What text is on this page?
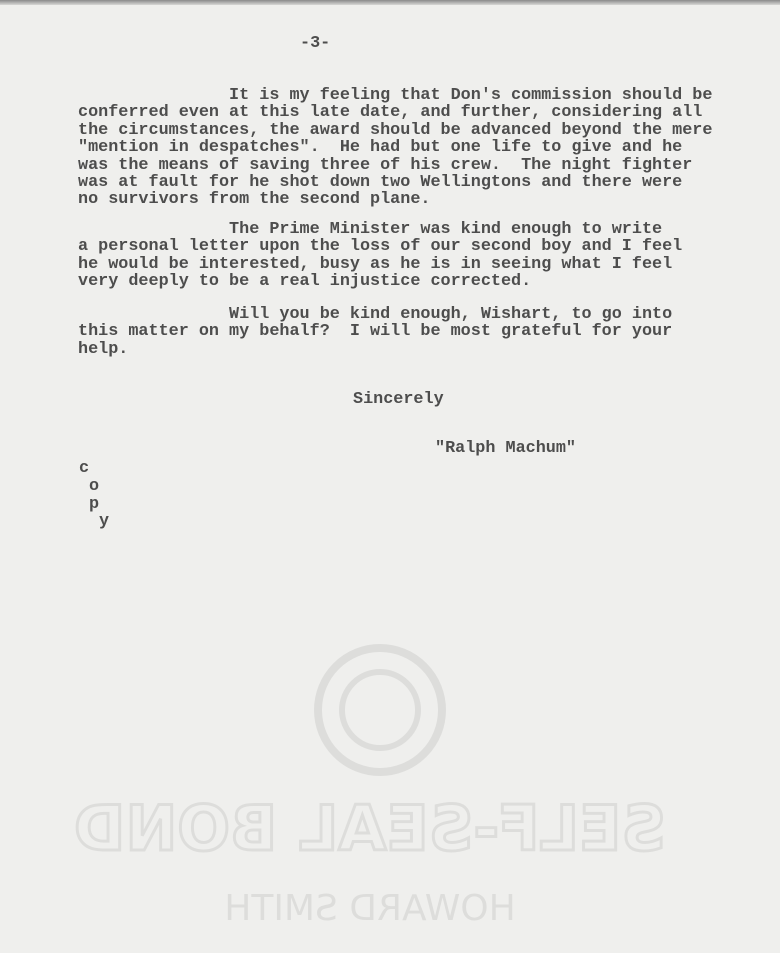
-3-
It is my feeling that Don's commission should be
conferred even at this late date, and further, considering all
the circumstances, the award should be advanced beyond the mere
"mention in despatches".  He had but one life to give and he
was the means of saving three of his crew.  The night fighter
was at fault for he shot down two Wellingtons and there were
no survivors from the second plane.
The Prime Minister was kind enough to write
a personal letter upon the loss of our second boy and I feel
he would be interested, busy as he is in seeing what I feel
very deeply to be a real injustice corrected.
Will you be kind enough, Wishart, to go into
this matter on my behalf?  I will be most grateful for your
help.
Sincerely
"Ralph Machum"
c
o
p
y
SELF-SEAL BOND
HOWARD SMITH
